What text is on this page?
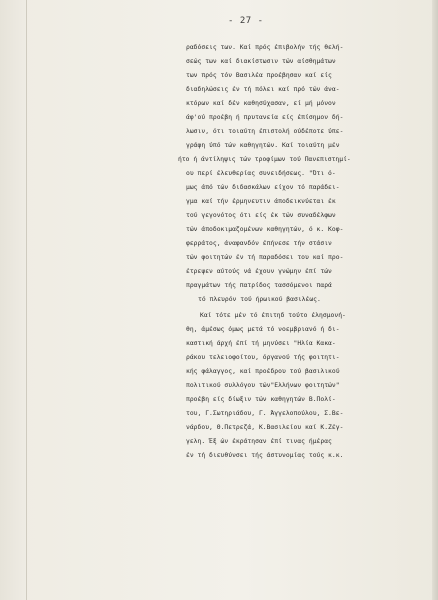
- 27 -
ραδόσεις των. Καί πρός έπιβολήν τής θελή-
σεώς των καί διακίστωσιν τών αίσθημάτων
των πρός τόν Βασιλέα προέβησαν καί είς
διαδηλώσεις έν τή πόλει καί πρό τών άνα-
κτόρων καί δέν καθησύχασαν, εί μή μόνον
άφ'ού προέβη ή πρυτανεία είς έπίσημον δή-
λωσιν, ότι τοιαύτη έπιστολή ούδέποτε ύπε-
γράφη ύπό τών καθηγητών. Καί τοιαύτη μέν
ήτο ή άντίληψις τών τροφίμων τού Πανεπιστημί-
ου περί έλευθερίας συνειδήσεως. "Ότι ό-
μως άπό τών διδασκάλων είχον τό παράδει-
γμα καί τήν έρμηνευτιν άποδεικνύεται έκ
τού γεγονότος ότι είς έκ τών συναδέλφων
τών άποδοκιμαζομένων καθηγητών, ό κ. Κοφ-
φερράτος, άναφανδόν έπήνεσε τήν στάσιν
τών φοιτητών έν τή παραδόσει του καί προ-
έτρεψεν αύτούς νά έχουν γνώμην έπί τών
πραγμάτων τής πατρίδος τασσόμενοι παρά
τό πλευρόν τού ήρωικού βασιλέως.
Καί τότε μέν τό έπιτηδ τούτο έλησμονή-
θη, άμέσως όμως μετά τό νοεμβριανό ή δι-
καστική άρχή έπί τή μηνύσει "Ηλία Κακα-
ράκου τελειοφοίτου, όργανού τής φοιτητι-
κής φάλαγγος, καί προέδρου τού βασιλικού
πολιτικού συλλόγου τών"Ελλήνων φοιτητών"
προέβη είς δίωξιν τών καθηγητών Β.Πολί-
του, Γ.Σωτηριάδου, Γ. Άγγελοπούλου, Σ.Βε-
νάρδου, Θ.Πετρεζά, Κ.Βασιλείου καί Κ.Ζέγ-
γελη. Έξ ών έκράτησαν έπί τινας ήμέρας
έν τή διευθύνσει τής άστυνομίας τούς κ.κ.
